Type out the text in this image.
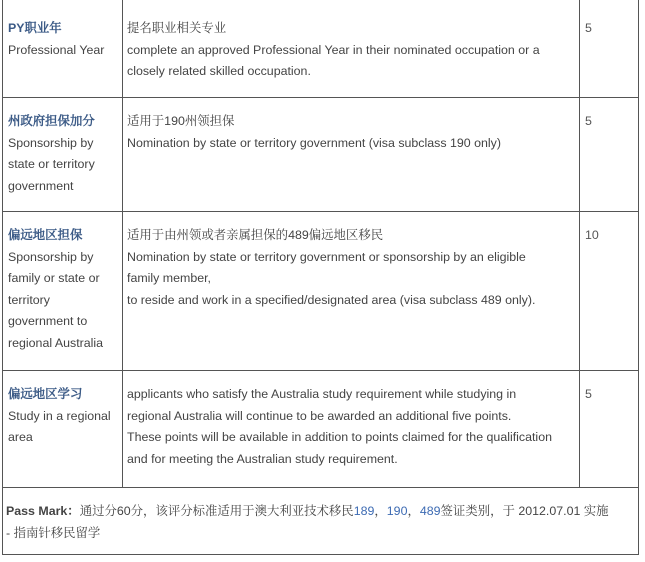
PY职业年
Professional Year
提名职业相关专业
complete an approved Professional Year in their nominated occupation or a
closely related skilled occupation.
5
州政府担保加分
Sponsorship by
state or territory
government
适用于190州领担保
Nomination by state or territory government (visa subclass 190 only)
5
偏远地区担保
Sponsorship by
family or state or
territory
government to
regional Australia
适用于由州领或者亲属担保的489偏远地区移民
Nomination by state or territory government or sponsorship by an eligible
family member,
to reside and work in a specified/designated area (visa subclass 489 only).
10
偏远地区学习
Study in a regional
area
applicants who satisfy the Australia study requirement while studying in
regional Australia will continue to be awarded an additional five points.
These points will be available in addition to points claimed for the qualification
and for meeting the Australian study requirement.
5
Pass Mark：通过分60分，该评分标准适用于澳大利亚技术移民189，190，489签证类别，于 2012.07.01 实施
- 指南针移民留学
